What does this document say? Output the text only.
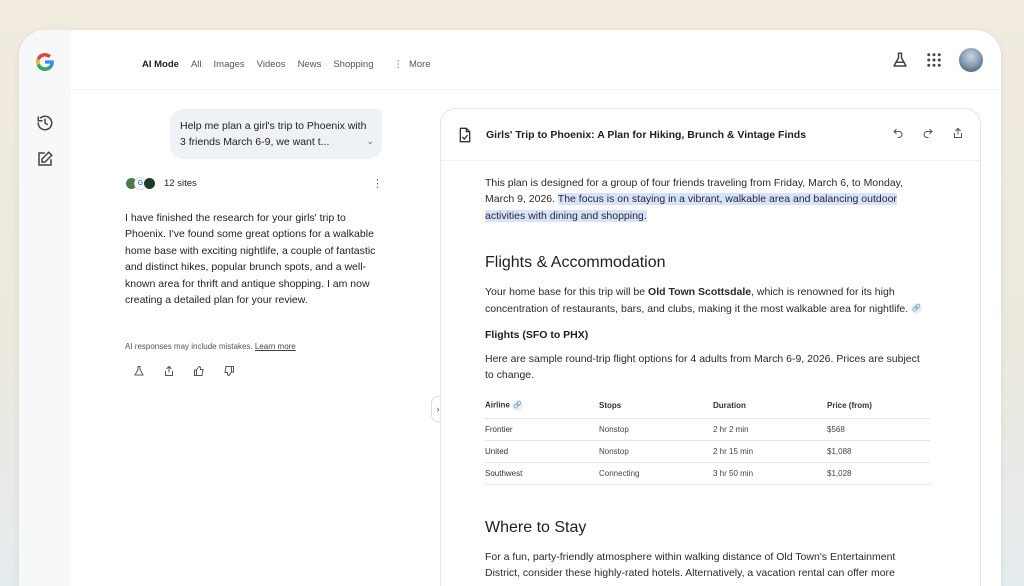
AI Mode All Images Videos News Shopping ⋮ More
Help me plan a girl's trip to Phoenix with 3 friends March 6-9, we want t...	⌄
G	12 sites	⋮
I have finished the research for your girls' trip to Phoenix. I've found some great options for a walkable home base with exciting nightlife, a couple of fantastic and distinct hikes, popular brunch spots, and a well-known area for thrift and antique shopping. I am now creating a detailed plan for your review.
AI responses may include mistakes. Learn more
›
Girls' Trip to Phoenix: A Plan for Hiking, Brunch & Vintage Finds

This plan is designed for a group of four friends traveling from Friday, March 6, to Monday, March 9, 2026. The focus is on staying in a vibrant, walkable area and balancing outdoor activities with dining and shopping.

Flights & Accommodation

Your home base for this trip will be Old Town Scottsdale, which is renowned for its high concentration of restaurants, bars, and clubs, making it the most walkable area for nightlife. 🔗

Flights (SFO to PHX)

Here are sample round-trip flight options for 4 adults from March 6-9, 2026. Prices are subject to change.

Airline 🔗	Stops	Duration	Price (from)
Frontier	Nonstop	2 hr 2 min	$568
United	Nonstop	2 hr 15 min	$1,088
Southwest	Connecting	3 hr 50 min	$1,028
Where to Stay

For a fun, party-friendly atmosphere within walking distance of Old Town's Entertainment District, consider these highly-rated hotels. Alternatively, a vacation rental can offer more
